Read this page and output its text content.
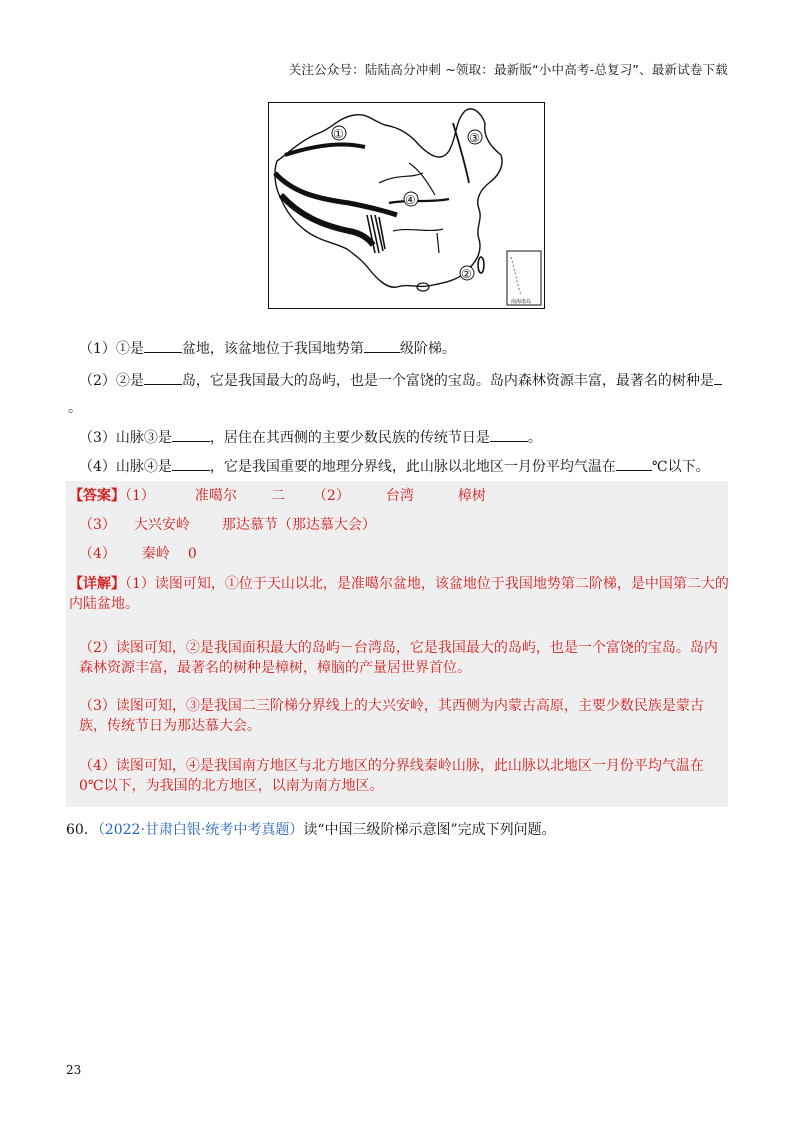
关注公众号：陆陆高分冲刺 ~领取：最新版“小中高考-总复习”、最新试卷下载
南海诸岛
①	③
④
②
（1）①是	盆地，该盆地位于我国地势第	级阶梯。
（2）②是	岛，它是我国最大的岛屿，也是一个富饶的宝岛。岛内森林资源丰富，最著名的树种是
。
（3）山脉③是	，居住在其西侧的主要少数民族的传统节日是	。
（4）山脉④是	，它是我国重要的地理分界线，此山脉以北地区一月份平均气温在	℃以下。
【答案】（1）	准噶尔 二 （2）	台湾	樟树
（3） 大兴安岭 那达慕节（那达慕大会）
（4） 秦岭 0
【详解】（1）读图可知，①位于天山以北，是准噶尔盆地，该盆地位于我国地势第二阶梯，是中国第二大的内陆盆地。
（2）读图可知，②是我国面积最大的岛屿－台湾岛，它是我国最大的岛屿，也是一个富饶的宝岛。岛内森林资源丰富，最著名的树种是樟树，樟脑的产量居世界首位。
（3）读图可知，③是我国二三阶梯分界线上的大兴安岭，其西侧为内蒙古高原，主要少数民族是蒙古族，传统节日为那达慕大会。
（4）读图可知，④是我国南方地区与北方地区的分界线秦岭山脉，此山脉以北地区一月份平均气温在0℃以下，为我国的北方地区，以南为南方地区。
60．（2022·甘肃白银·统考中考真题）读“中国三级阶梯示意图”完成下列问题。
23
